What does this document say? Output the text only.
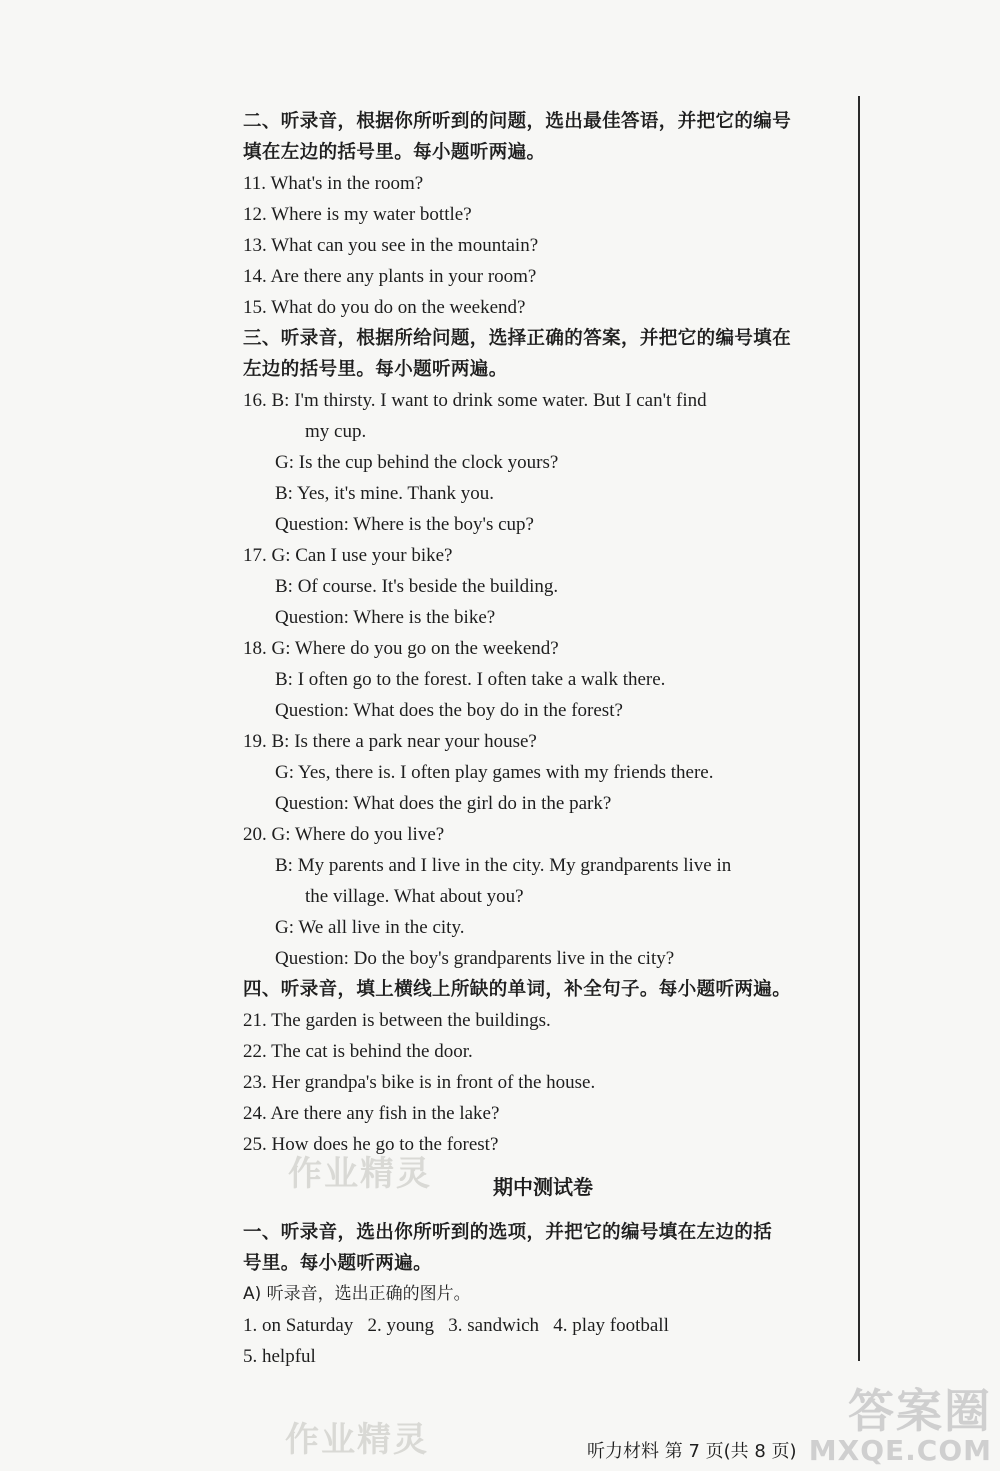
作业精灵
作业精灵
二、听录音，根据你所听到的问题，选出最佳答语，并把它的编号
填在左边的括号里。每小题听两遍。
11. What's in the room?
12. Where is my water bottle?
13. What can you see in the mountain?
14. Are there any plants in your room?
15. What do you do on the weekend?
三、听录音，根据所给问题，选择正确的答案，并把它的编号填在
左边的括号里。每小题听两遍。
16. B: I'm thirsty. I want to drink some water. But I can't find
my cup.
G: Is the cup behind the clock yours?
B: Yes, it's mine. Thank you.
Question: Where is the boy's cup?
17. G: Can I use your bike?
B: Of course. It's beside the building.
Question: Where is the bike?
18. G: Where do you go on the weekend?
B: I often go to the forest. I often take a walk there.
Question: What does the boy do in the forest?
19. B: Is there a park near your house?
G: Yes, there is. I often play games with my friends there.
Question: What does the girl do in the park?
20. G: Where do you live?
B: My parents and I live in the city. My grandparents live in
the village. What about you?
G: We all live in the city.
Question: Do the boy's grandparents live in the city?
四、听录音，填上横线上所缺的单词，补全句子。每小题听两遍。
21. The garden is between the buildings.
22. The cat is behind the door.
23. Her grandpa's bike is in front of the house.
24. Are there any fish in the lake?
25. How does he go to the forest?
期中测试卷
一、听录音，选出你所听到的选项，并把它的编号填在左边的括
号里。每小题听两遍。
A) 听录音，选出正确的图片。
1. on Saturday   2. young   3. sandwich   4. play football
5. helpful
听力材料 第 7 页(共 8 页)
答案圈
MXQE.COM
